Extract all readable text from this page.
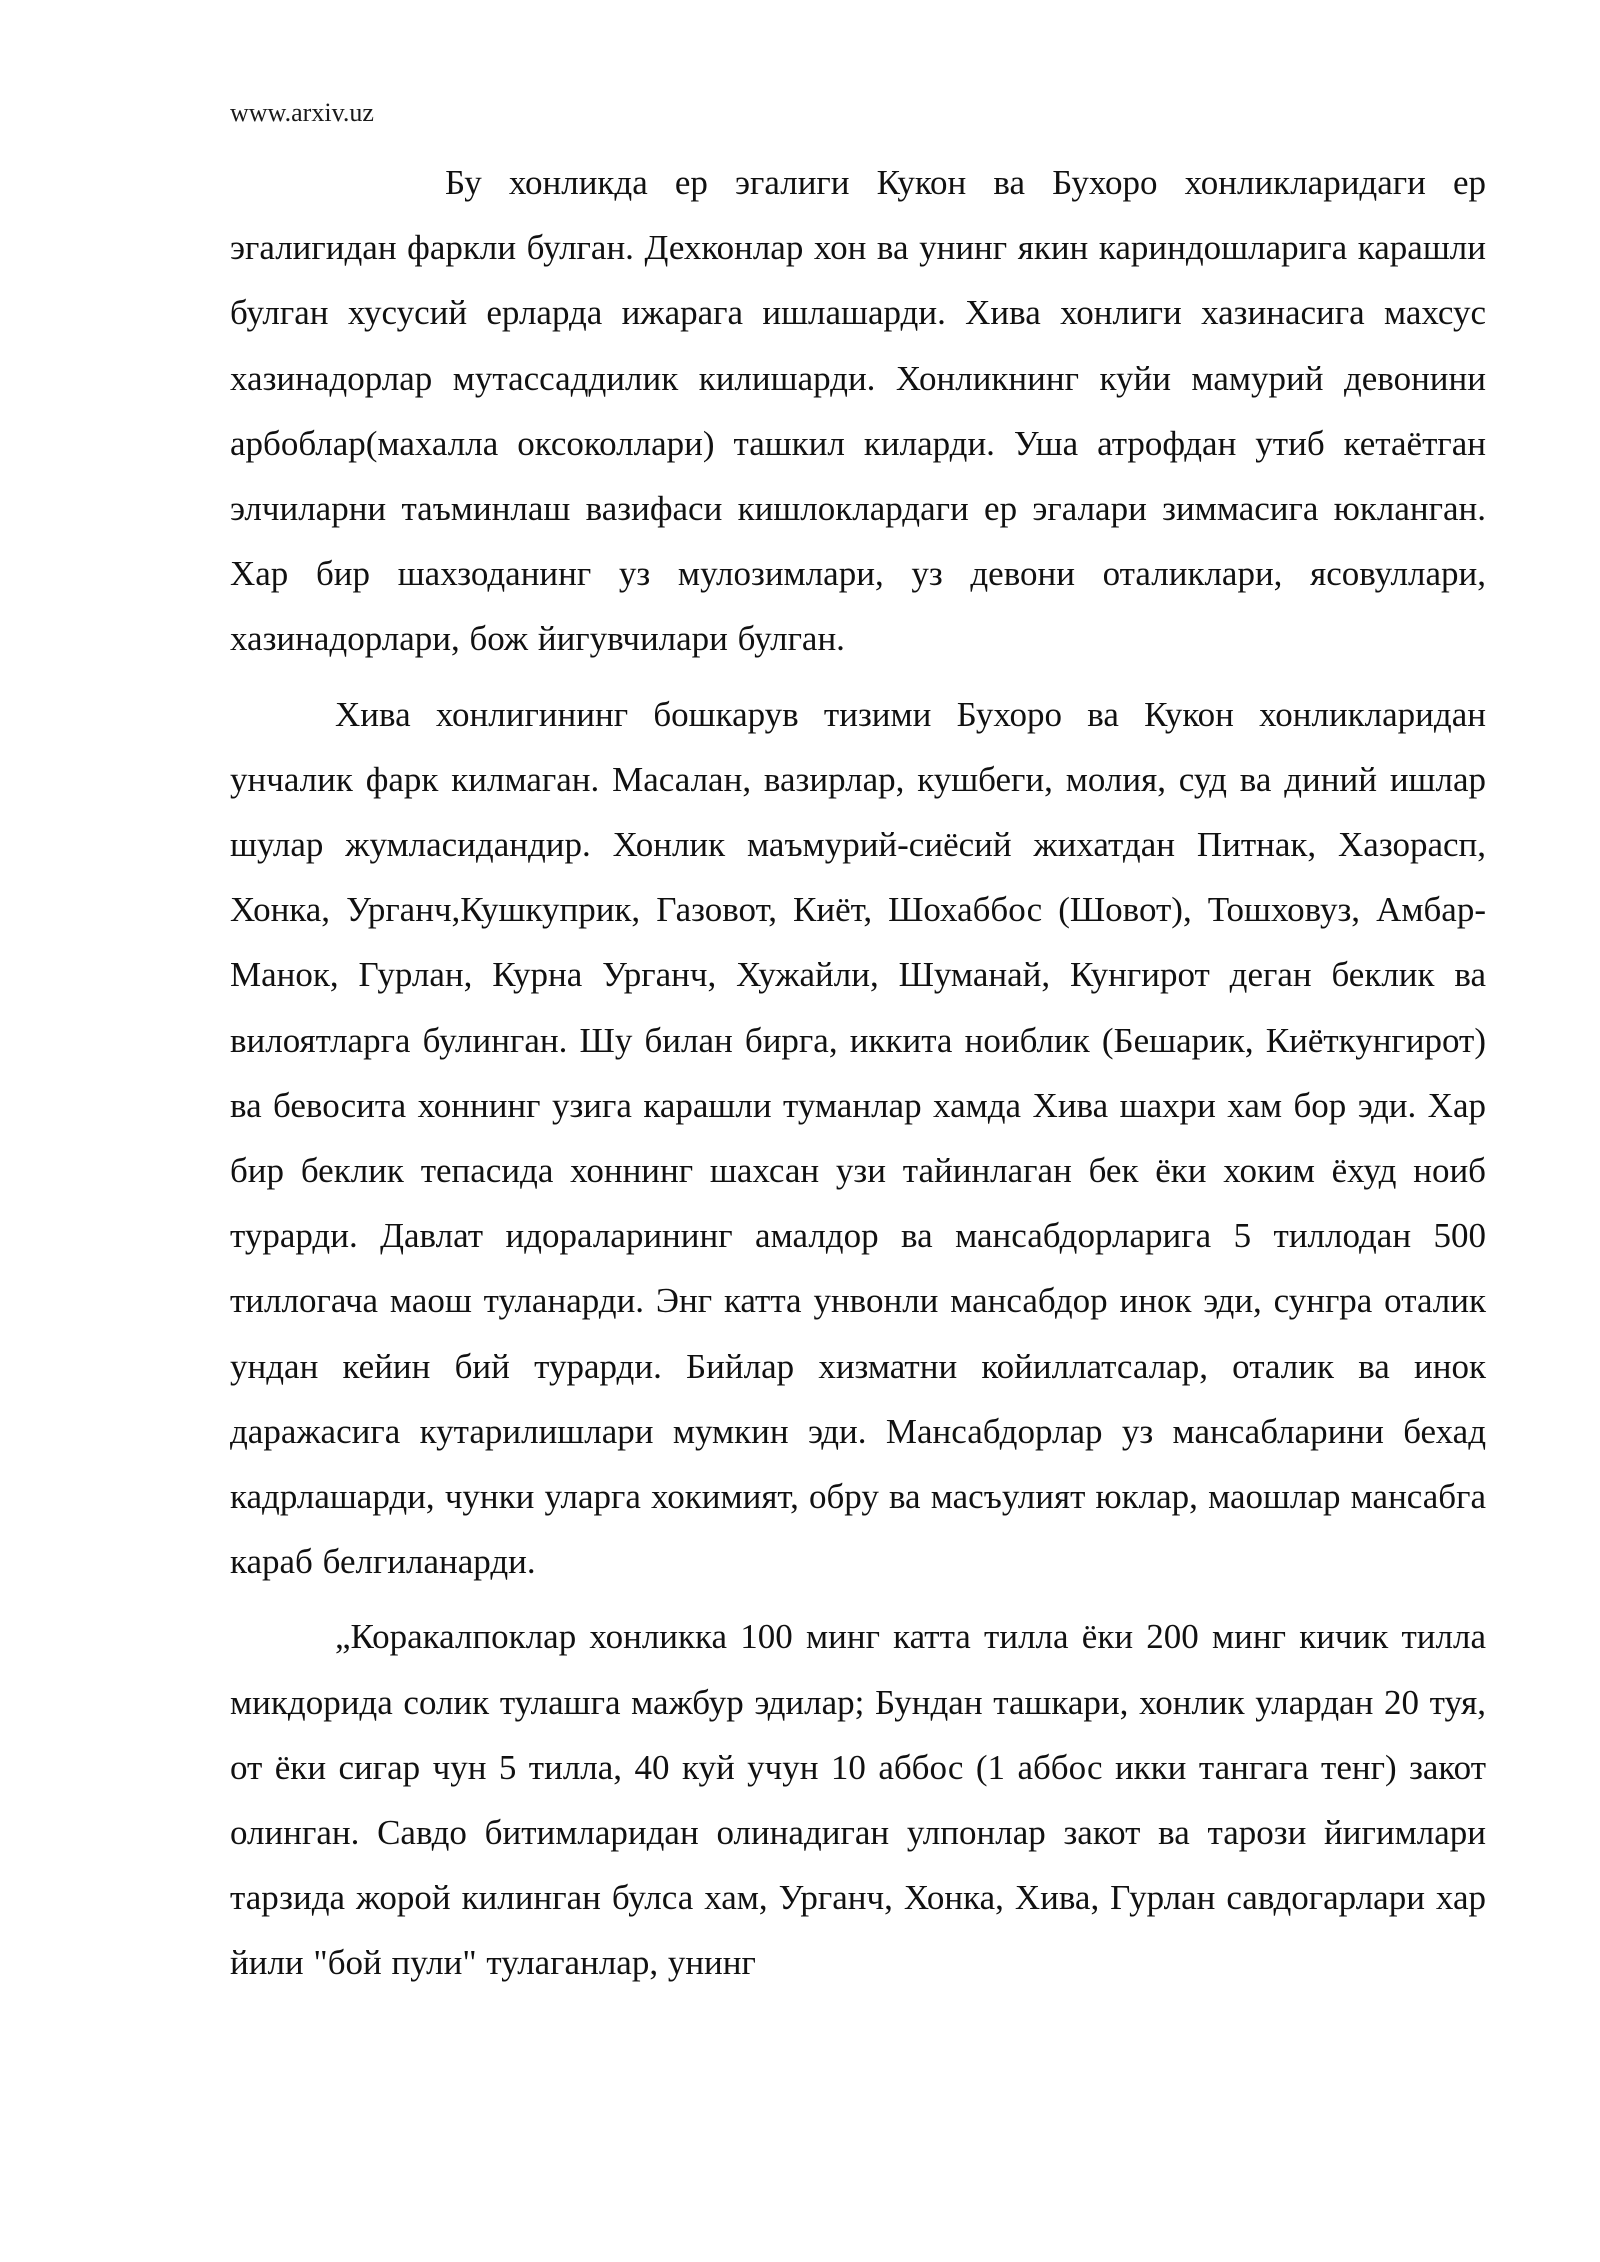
www.arxiv.uz

Бу хонликда ер эгалиги Кукон ва Бухоро хонликларидаги ер эгалигидан фаркли булган. Дехконлар хон ва унинг якин кариндошларига карашли булган хусусий ерларда ижарага ишлашарди. Хива хонлиги хазинасига махсус хазинадорлар мутассаддилик килишарди. Хонликнинг куйи мамурий девонини арбоблар(махалла оксоколлари) ташкил киларди. Уша атрофдан утиб кетаётган элчиларни таъминлаш вазифаси кишлоклардаги ер эгалари зиммасига юкланган. Хар бир шахзоданинг уз мулозимлари, уз девони оталиклари, ясовуллари, хазинадорлари, бож йигувчилари булган.

Хива хонлигининг бошкарув тизими Бухоро ва Кукон хонликларидан унчалик фарк килмаган. Масалан, вазирлар, кушбеги, молия, суд ва диний ишлар шулар жумласидандир. Хонлик маъмурий-сиёсий жихатдан Питнак, Хазорасп, Хонка, Урганч,Кушкуприк, Газовот, Киёт, Шохаббос (Шовот), Тошховуз, Амбар-Манок, Гурлан, Курна Урганч, Хужайли, Шуманай, Кунгирот деган беклик ва вилоятларга булинган. Шу билан бирга, иккита ноиблик (Бешарик, Киёткунгирот) ва бевосита хоннинг узига карашли туманлар хамда Хива шахри хам бор эди. Хар бир беклик тепасида хоннинг шахсан узи тайинлаган бек ёки хоким ёхуд ноиб турарди. Давлат идораларининг амалдор ва мансабдорларига 5 тиллодан 500 тиллогача маош туланарди. Энг катта унвонли мансабдор инок эди, сунгра оталик ундан кейин бий турарди. Бийлар хизматни койиллатсалар, оталик ва инок даражасига кутарилишлари мумкин эди. Мансабдорлар уз мансабларини бехад кадрлашарди, чунки уларга хокимият, обру ва масъулият юклар, маошлар мансабга караб белгиланарди.

„Коракалпоклар хонликка 100 минг катта тилла ёки 200 минг кичик тилла микдорида солик тулашга мажбур эдилар; Бундан ташкари, хонлик улардан 20 туя, от ёки сигар чун 5 тилла, 40 куй учун 10 аббос (1 аббос икки тангага тенг) закот олинган. Савдо битимларидан олинадиган улпонлар закот ва тарози йигимлари тарзида жорой килинган булса хам, Урганч, Хонка, Хива, Гурлан савдогарлари хар йили "бой пули" тулаганлар, унинг
